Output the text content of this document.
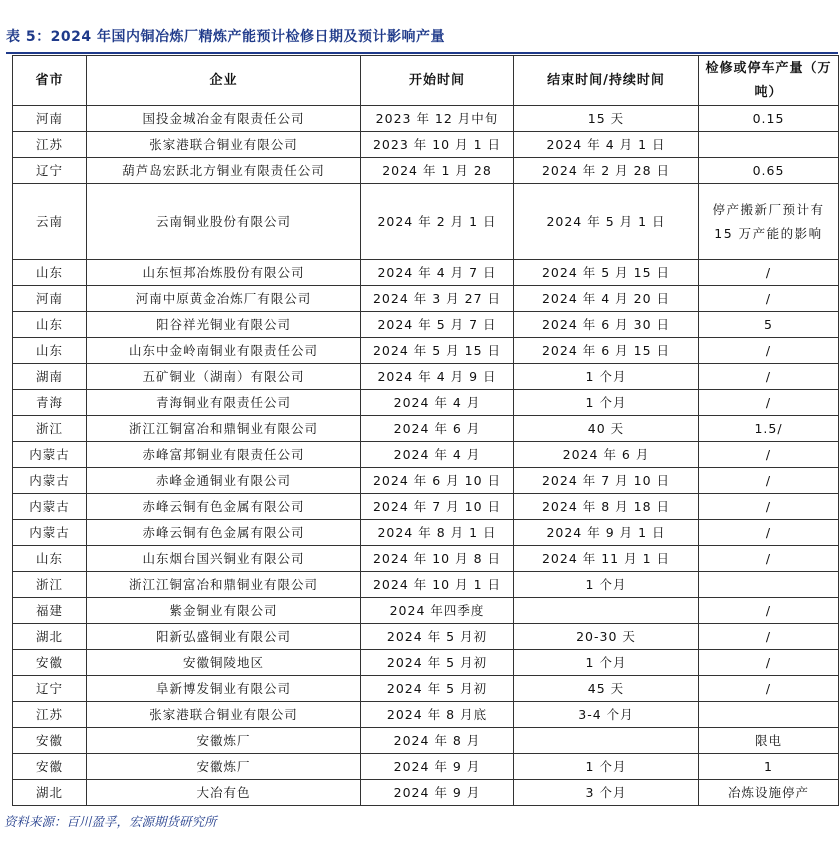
表 5：2024 年国内铜冶炼厂精炼产能预计检修日期及预计影响产量
省市	企业	开始时间	结束时间/持续时间	检修或停车产量（万吨）
河南	国投金城冶金有限责任公司	2023 年 12 月中旬	15 天	0.15
江苏	张家港联合铜业有限公司	2023 年 10 月 1 日	2024 年 4 月 1 日	
辽宁	葫芦岛宏跃北方铜业有限责任公司	2024 年 1 月 28	2024 年 2 月 28 日	0.65
云南	云南铜业股份有限公司	2024 年 2 月 1 日	2024 年 5 月 1 日	停产搬新厂预计有 15 万产能的影响
山东	山东恒邦冶炼股份有限公司	2024 年 4 月 7 日	2024 年 5 月 15 日	/
河南	河南中原黄金冶炼厂有限公司	2024 年 3 月 27 日	2024 年 4 月 20 日	/
山东	阳谷祥光铜业有限公司	2024 年 5 月 7 日	2024 年 6 月 30 日	5
山东	山东中金岭南铜业有限责任公司	2024 年 5 月 15 日	2024 年 6 月 15 日	/
湖南	五矿铜业（湖南）有限公司	2024 年 4 月 9 日	1 个月	/
青海	青海铜业有限责任公司	2024 年 4 月	1 个月	/
浙江	浙江江铜富冶和鼎铜业有限公司	2024 年 6 月	40 天	1.5/
内蒙古	赤峰富邦铜业有限责任公司	2024 年 4 月	2024 年 6 月	/
内蒙古	赤峰金通铜业有限公司	2024 年 6 月 10 日	2024 年 7 月 10 日	/
内蒙古	赤峰云铜有色金属有限公司	2024 年 7 月 10 日	2024 年 8 月 18 日	/
内蒙古	赤峰云铜有色金属有限公司	2024 年 8 月 1 日	2024 年 9 月 1 日	/
山东	山东烟台国兴铜业有限公司	2024 年 10 月 8 日	2024 年 11 月 1 日	/
浙江	浙江江铜富冶和鼎铜业有限公司	2024 年 10 月 1 日	1 个月	
福建	紫金铜业有限公司	2024 年四季度		/
湖北	阳新弘盛铜业有限公司	2024 年 5 月初	20-30 天	/
安徽	安徽铜陵地区	2024 年 5 月初	1 个月	/
辽宁	阜新博发铜业有限公司	2024 年 5 月初	45 天	/
江苏	张家港联合铜业有限公司	2024 年 8 月底	3-4 个月	
安徽	安徽炼厂	2024 年 8 月		限电
安徽	安徽炼厂	2024 年 9 月	1 个月	1
湖北	大冶有色	2024 年 9 月	3 个月	冶炼设施停产
资料来源：百川盈孚，宏源期货研究所
